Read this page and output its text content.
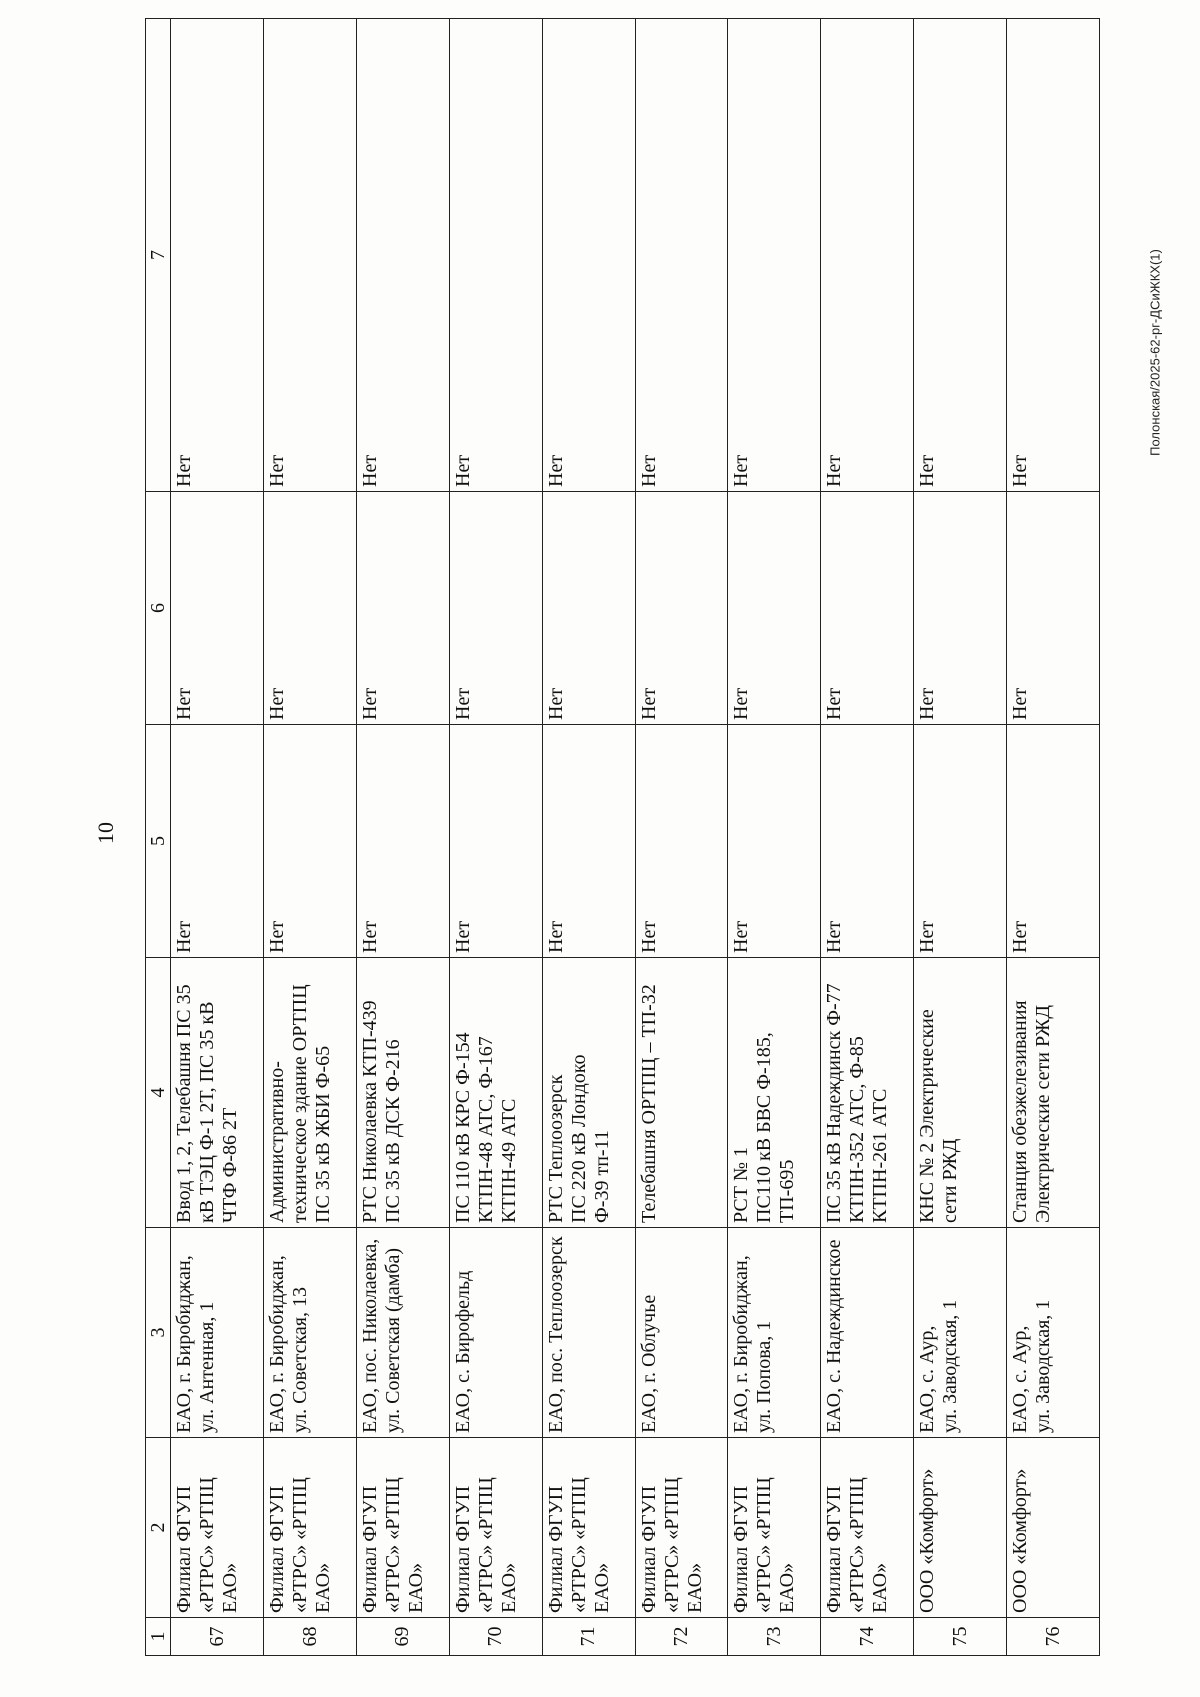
10
Полонская/2025-62-рг-ДСиЖКХ(1)
1	2	3	4	5	6	7
67	Филиал ФГУП
«РТРС» «РТПЦ
ЕАО»	ЕАО, г. Биробиджан,
ул. Антенная, 1	Ввод 1, 2, Телебашня ПС 35
кВ ТЭЦ Ф-1 2Т, ПС 35 кВ
ЧТФ Ф-86 2Т	Нет	Нет	Нет
68	Филиал ФГУП
«РТРС» «РТПЦ
ЕАО»	ЕАО, г. Биробиджан,
ул. Советская, 13	Административно-
техническое здание ОРТПЦ
ПС 35 кВ ЖБИ Ф-65	Нет	Нет	Нет
69	Филиал ФГУП
«РТРС» «РТПЦ
ЕАО»	ЕАО, пос. Николаевка,
ул. Советская (дамба)	РТС Николаевка КТП-439
ПС 35 кВ ДСК Ф-216	Нет	Нет	Нет
70	Филиал ФГУП
«РТРС» «РТПЦ
ЕАО»	ЕАО, с. Бирофельд	ПС 110 кВ КРС Ф-154
КТПН-48 АТС, Ф-167
КТПН-49 АТС	Нет	Нет	Нет
71	Филиал ФГУП
«РТРС» «РТПЦ
ЕАО»	ЕАО, пос. Теплоозерск	РТС Теплоозерск
ПС 220 кВ Лондоко
Ф-39 тп-11	Нет	Нет	Нет
72	Филиал ФГУП
«РТРС» «РТПЦ
ЕАО»	ЕАО, г. Облучье	Телебашня ОРТПЦ – ТП-32	Нет	Нет	Нет
73	Филиал ФГУП
«РТРС» «РТПЦ
ЕАО»	ЕАО, г. Биробиджан,
ул. Попова, 1	РСТ № 1
ПС110 кВ БВС Ф-185,
ТП-695	Нет	Нет	Нет
74	Филиал ФГУП
«РТРС» «РТПЦ
ЕАО»	ЕАО, с. Надеждинское	ПС 35 кВ Надеждинск Ф-77
КТПН-352 АТС, Ф-85
КТПН-261 АТС	Нет	Нет	Нет
75	ООО «Комфорт»	ЕАО, с. Аур,
ул. Заводская, 1	КНС № 2 Электрические
сети РЖД	Нет	Нет	Нет
76	ООО «Комфорт»	ЕАО, с. Аур,
ул. Заводская, 1	Станция обезжелезивания
Электрические сети РЖД	Нет	Нет	Нет
